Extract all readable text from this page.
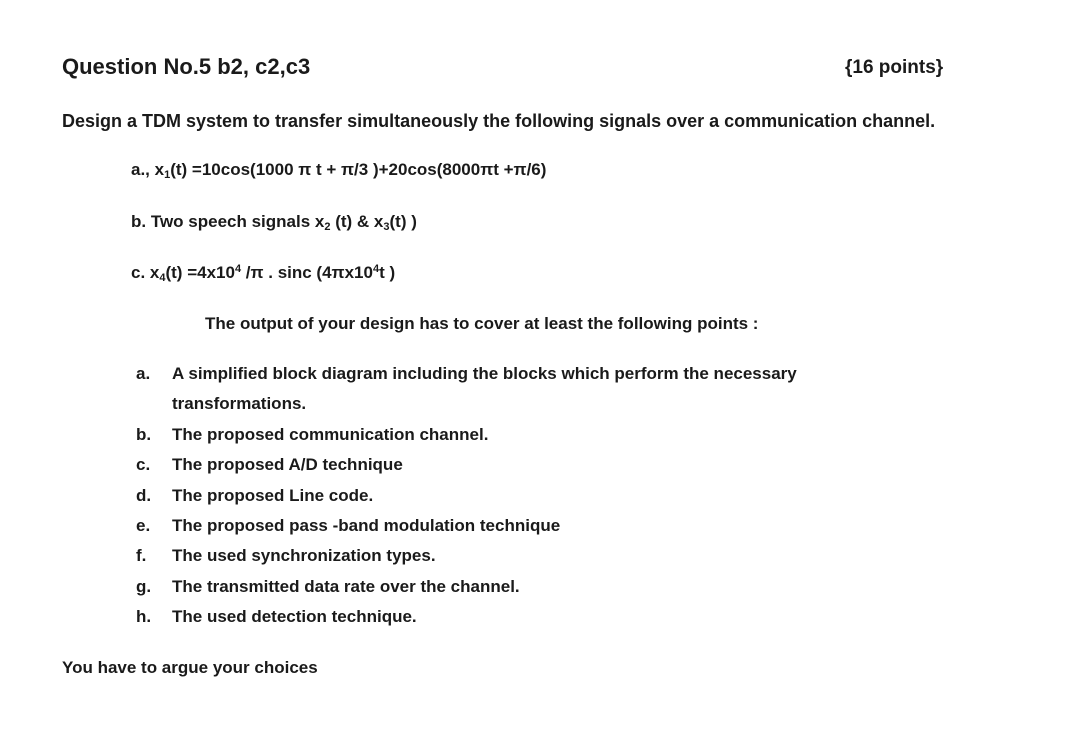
Question No.5 b2, c2,c3	{16 points}
Design a TDM system to transfer simultaneously the following signals over a communication channel.
a., x1(t) =10cos(1000 π t + π/3 )+20cos(8000πt +π/6)
b. Two speech signals x2 (t) & x3(t) )
c. $x4(t) =4x10^4$ /π . sinc ($4\pi x10^4t$ )
The output of your design has to cover at least the following points :
a. A simplified block diagram including the blocks which perform the necessary
transformations.
b. The proposed communication channel.
c. The proposed A/D technique
d. The proposed Line code.
e. The proposed pass -band modulation technique
f. The used synchronization types.
g. The transmitted data rate over the channel.
h. The used detection technique.
You have to argue your choices
